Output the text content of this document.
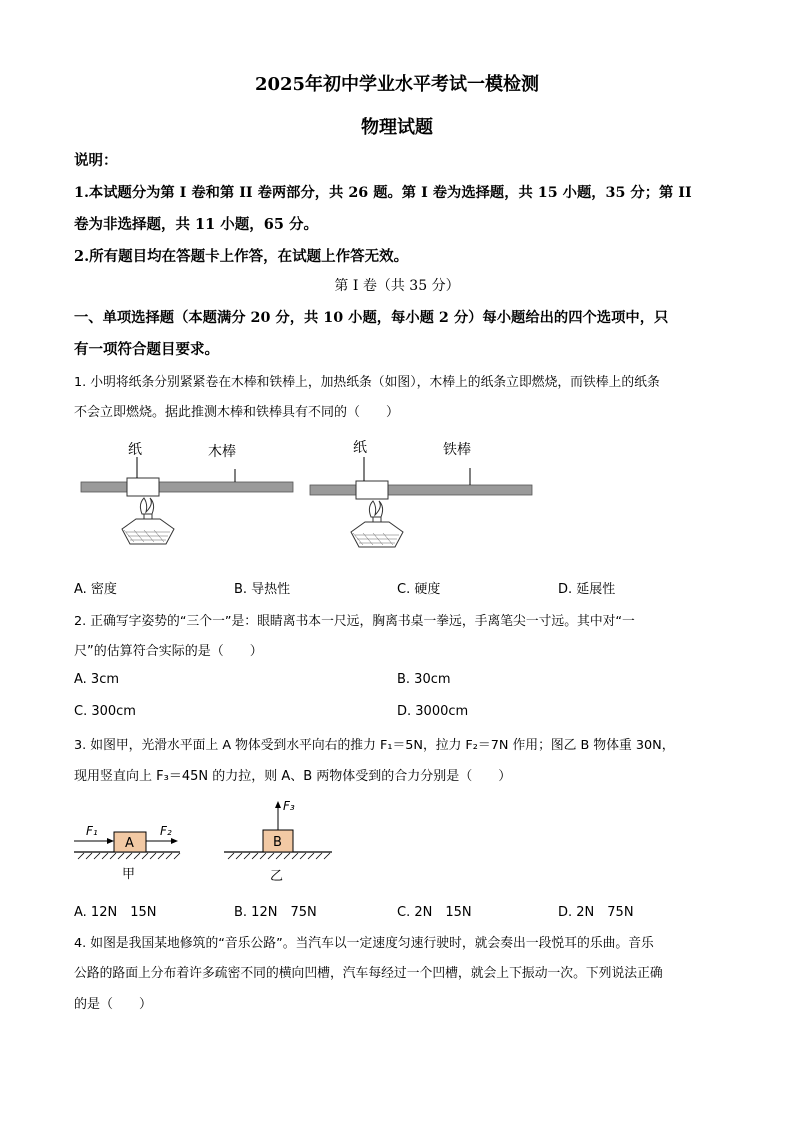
2025年初中学业水平考试一模检测
物理试题
说明：
1.本试题分为第 I 卷和第 II 卷两部分，共 26 题。第 I 卷为选择题，共 15 小题，35 分；第 II
卷为非选择题，共 11 小题，65 分。
2.所有题目均在答题卡上作答，在试题上作答无效。
第 I 卷（共 35 分）
一、单项选择题（本题满分 20 分，共 10 小题，每小题 2 分）每小题给出的四个选项中，只
有一项符合题目要求。
1. 小明将纸条分别紧紧卷在木棒和铁棒上，加热纸条（如图），木棒上的纸条立即燃烧，而铁棒上的纸条
不会立即燃烧。据此推测木棒和铁棒具有不同的（　　）
纸	木棒	纸	铁棒
A. 密度	B. 导热性	C. 硬度	D. 延展性
2. 正确写字姿势的“三个一”是：眼睛离书本一尺远，胸离书桌一拳远，手离笔尖一寸远。其中对“一
尺”的估算符合实际的是（　　）
A. 3cm	B. 30cm
C. 300cm	D. 3000cm
3. 如图甲，光滑水平面上 A 物体受到水平向右的推力 F₁＝5N，拉力 F₂＝7N 作用；图乙 B 物体重 30N，
现用竖直向上 F₃＝45N 的力拉，则 A、B 两物体受到的合力分别是（　　）
A
F₁	F₂
甲
B
F₃
乙
A. 12N　15N	B. 12N　75N	C. 2N　15N	D. 2N　75N
4. 如图是我国某地修筑的“音乐公路”。当汽车以一定速度匀速行驶时，就会奏出一段悦耳的乐曲。音乐
公路的路面上分布着许多疏密不同的横向凹槽，汽车每经过一个凹槽，就会上下振动一次。下列说法正确
的是（　　）
